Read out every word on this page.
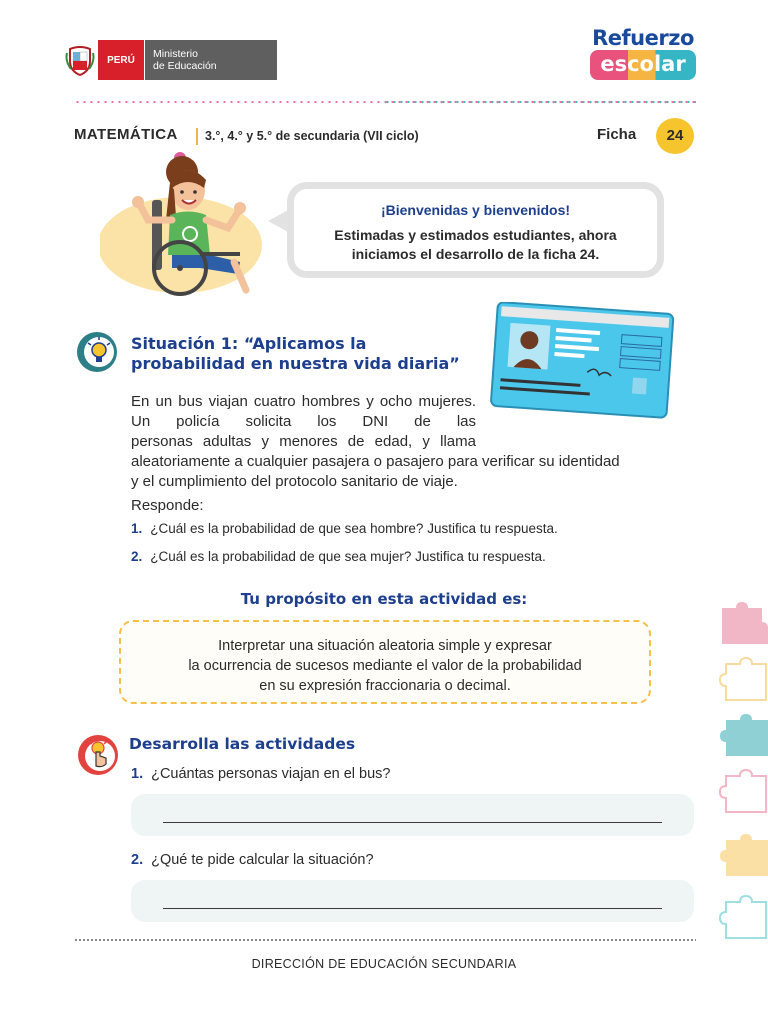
PERÚ	Ministerio
de Educación
Refuerzo
escolar
MATEMÁTICA 3.°, 4.° y 5.° de secundaria (VII ciclo)	Ficha	24
¡Bienvenidas y bienvenidos!
Estimadas y estimados estudiantes, ahora iniciamos el desarrollo de la ficha 24.
Situación 1: “Aplicamos la probabilidad en nuestra vida diaria”
En un bus viajan cuatro hombres y ocho mujeres. Un policía solicita los DNI de las
personas adultas y menores de edad, y llama
aleatoriamente a cualquier pasajera o pasajero para verificar su identidad
y el cumplimiento del protocolo sanitario de viaje.
Responde:
1. ¿Cuál es la probabilidad de que sea hombre? Justifica tu respuesta.
2. ¿Cuál es la probabilidad de que sea mujer? Justifica tu respuesta.
Tu propósito en esta actividad es:
Interpretar una situación aleatoria simple y expresar
la ocurrencia de sucesos mediante el valor de la probabilidad
en su expresión fraccionaria o decimal.
Desarrolla las actividades
1. ¿Cuántas personas viajan en el bus?
2. ¿Qué te pide calcular la situación?
DIRECCIÓN DE EDUCACIÓN SECUNDARIA
